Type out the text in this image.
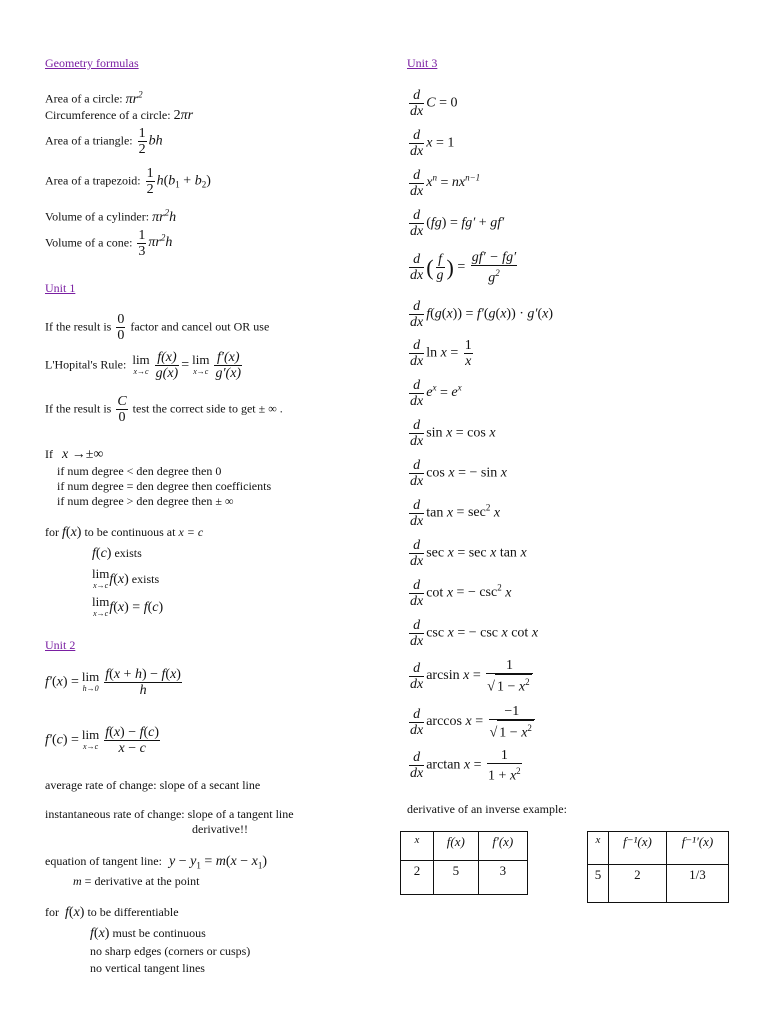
Geometry formulas
Area of a circle: $\pi r^2$
Circumference of a circle: 2πr
Area of a triangle: $\frac{1}{2}$ bh
Area of a trapezoid: $\frac{1}{2} h(b_1 + b_2)$
Volume of a cylinder: $\pi r^2h$
Volume of a cone: $\frac{1}{3} \pi r^2h$
Unit 1
If the result is $\frac{0}{0}$ factor and cancel out OR use
L'Hopital's Rule: lim
$x\to c \frac{f(x)}{g(x)} = \lim$
$x\to c \frac{f'(x)}{g'(x)}$
If the result is $\frac{C}{0}$ test the correct side to get ± ∞ .
If x →±∞
if num degree < den degree then 0
if num degree = den degree then coefficients
if num degree > den degree then ± ∞
for f(x) to be continuous at x = c
f(c) exists
lim
x→c f(x) exists
lim
x→c f(x) = f(c)
Unit 2
f′(x) = lim
$h\to 0 \frac{f(x + h) - f(x)}{h}$
f′(c) = lim
$x\to c \frac{f(x) - f(c)}{x - c}$
average rate of change: slope of a secant line
instantaneous rate of change: slope of a tangent line
derivative!!
equation of tangent line: $y - y_1 = m(x - x_1)$
m = derivative at the point
for f(x) to be differentiable
f(x) must be continuous
no sharp edges (corners or cusps)
no vertical tangent lines
Unit 3
$\frac{d}{dx}$ C = 0
$\frac{d}{dx}$ x = 1
$\frac{d}{dx} x^n = nx^{n-1}$
$\frac{d}{dx} (fg) = fg' + gf'$
$\frac{d}{dx}$ ( $\frac{f}{g}$ ) = $\frac{gf' - fg'}{g^2}$
$\frac{d}{dx} f(g(x)) = f'(g(x)) \cdot g'(x)$
$\frac{d}{dx}$ $\ln x = \frac{1}{x}$
$\frac{d}{dx} e^x = e^x$
$\frac{d}{dx}$ sin x = cos x
$\frac{d}{dx}$ cos x = − sin x
$\frac{d}{dx}$ $\tan x = \sec^2 x$
$\frac{d}{dx}$ sec x = sec x tan x
$\frac{d}{dx}$ cot x = − $\csc^2 x$
$\frac{d}{dx}$ csc x = − csc x cot x
$\frac{d}{dx}$ $\arcsin x = \frac{1}{√ 1 - x^2}$
$\frac{d}{dx}$ $\arccos x = \frac{-1}{√ 1 - x^2}$
$\frac{d}{dx}$ $\arctan x = \frac{1}{1 + x^2}$
derivative of an inverse example:
x	f(x)	f′(x)
2	5	3
x	f⁻¹(x)	f⁻¹′(x)
5	2	1/3
